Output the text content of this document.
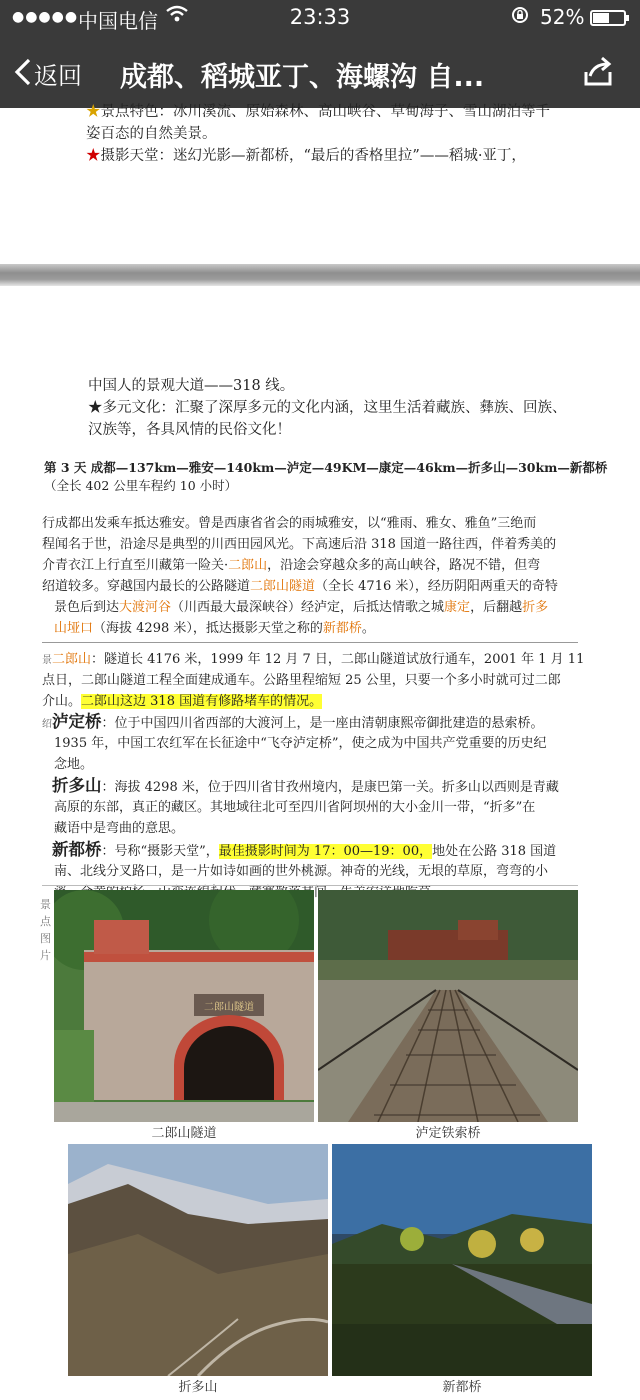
●●●●● 中国电信	23:33	52%
返回 成都、稻城亚丁、海螺沟 自...
★景点特色：冰川溪流、原始森林、高山峡谷、草甸海子、雪山湖泊等千
姿百态的自然美景。
★摄影天堂：迷幻光影—新都桥，“最后的香格里拉”——稻城·亚丁，
中国人的景观大道——318 线。
★多元文化：汇聚了深厚多元的文化内涵，这里生活着藏族、彝族、回族、
汉族等，各具风情的民俗文化！
第 3 天 成都—137km—雅安—140km—泸定—49KM—康定—46km—折多山—30km—新都桥
（全长 402 公里车程约 10 小时）
行成都出发乘车抵达雅安。曾是西康省省会的雨城雅安，以“雅雨、雅女、雅鱼”三绝而
程闻名于世，沿途尽是典型的川西田园风光。下高速后沿 318 国道一路往西，伴着秀美的
介青衣江上行直至川藏第一险关·二郎山，沿途会穿越众多的高山峡谷，路况不错，但弯
绍道较多。穿越国内最长的公路隧道二郎山隧道（全长 4716 米），经历阴阳两重天的奇特
景色后到达大渡河谷（川西最大最深峡谷）经泸定，后抵达情歌之城康定，后翻越折多
山垭口（海拔 4298 米），抵达摄影天堂之称的新都桥。
景二郎山：隧道长 4176 米，1999 年 12 月 7 日，二郎山隧道试放行通车，2001 年 1 月 11
点日，二郎山隧道工程全面建成通车。公路里程缩短 25 公里，只要一个多小时就可过二郎
介山。二郎山这边 318 国道有修路堵车的情况。
绍泸定桥：位于中国四川省西部的大渡河上，是一座由清朝康熙帝御批建造的悬索桥。
1935 年，中国工农红军在长征途中“飞夺泸定桥”，使之成为中国共产党重要的历史纪
念地。
折多山：海拔 4298 米，位于四川省甘孜州境内，是康巴第一关。折多山以西则是青藏
高原的东部，真正的藏区。其地域往北可至四川省阿坝州的大小金川一带，“折多”在
藏语中是弯曲的意思。
新都桥：号称“摄影天堂”，最佳摄影时间为 17：00—19：00，地处在公路 318 国道
南、北线分叉路口，是一片如诗如画的世外桃源。神奇的光线，无垠的草原，弯弯的小
景
点
图
片
二郎山隧道
二郎山隧道	泸定铁索桥
折多山	新都桥
